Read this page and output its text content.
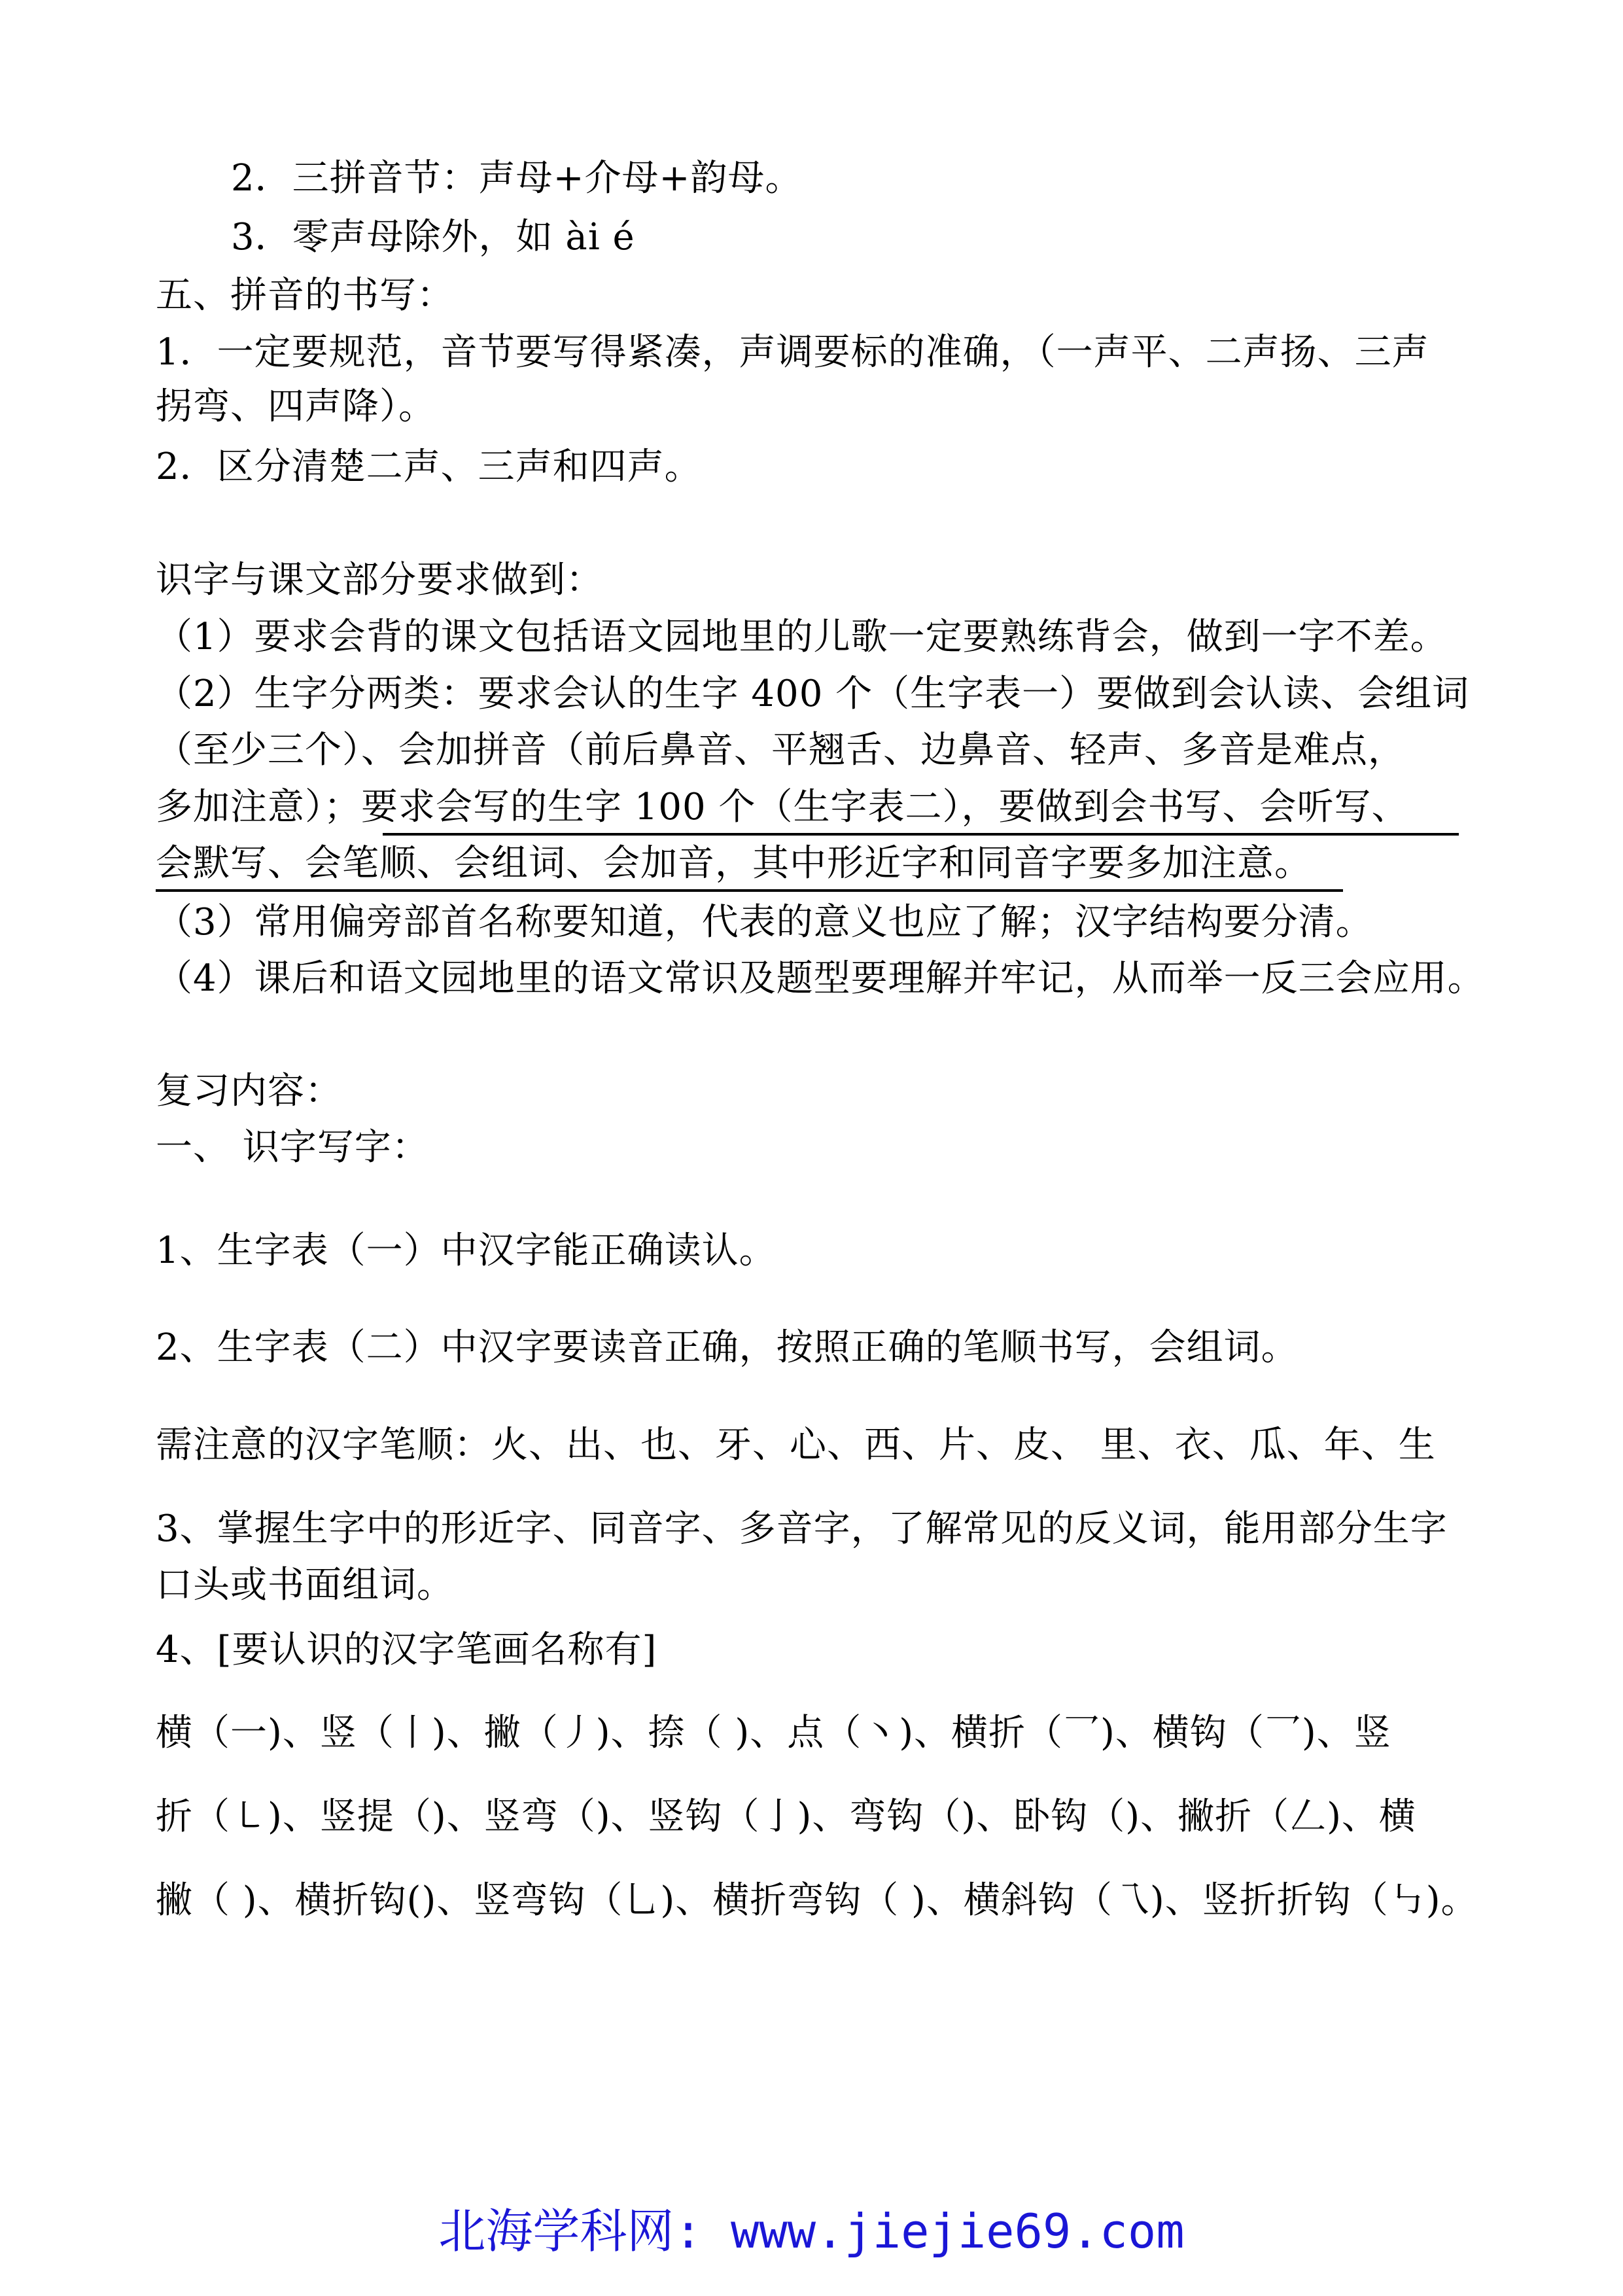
2．三拼音节：声母+介母+韵母。
3．零声母除外，如 ài é
五、拼音的书写：
1．一定要规范，音节要写得紧凑，声调要标的准确，（一声平、二声扬、三声
拐弯、四声降）。
2．区分清楚二声、三声和四声。
识字与课文部分要求做到：
（1）要求会背的课文包括语文园地里的儿歌一定要熟练背会，做到一字不差。
（2）生字分两类：要求会认的生字 400 个（生字表一）要做到会认读、会组词
（至少三个）、会加拼音（前后鼻音、平翘舌、边鼻音、轻声、多音是难点，
多加注意）；要求会写的生字 100 个（生字表二），要做到会书写、会听写、
会默写、会笔顺、会组词、会加音，其中形近字和同音字要多加注意。
（3）常用偏旁部首名称要知道，代表的意义也应了解；汉字结构要分清。
（4）课后和语文园地里的语文常识及题型要理解并牢记，从而举一反三会应用。
复习内容：
一、 识字写字：
1、生字表（一）中汉字能正确读认。
2、生字表（二）中汉字要读音正确，按照正确的笔顺书写，会组词。
需注意的汉字笔顺：火、出、也、牙、心、西、片、皮、 里、衣、瓜、年、生
3、掌握生字中的形近字、同音字、多音字，了解常见的反义词，能用部分生字
口头或书面组词。
4、[要认识的汉字笔画名称有]
横（一)、竖（丨)、撇（丿)、捺（ )、点（丶)、横折（乛)、横钩（乛)、竖
折（㇄)、竖提（)、竖弯（)、竖钩（亅)、弯钩（)、卧钩（)、撇折（𠃋)、横
撇（ )、横折钩()、竖弯钩（乚)、横折弯钩（ )、横斜钩（乁)、竖折折钩（㇉)。
北海学科网: www.jiejie69.com
